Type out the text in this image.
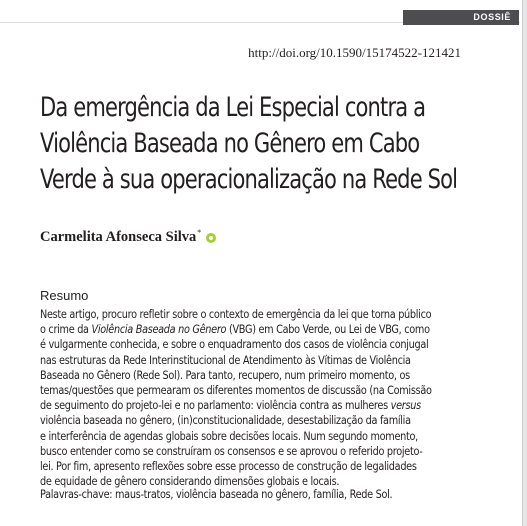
DOSSIÊ
http://doi.org/10.1590/15174522-121421
Da emergência da Lei Especial contra a
Violência Baseada no Gênero em Cabo
Verde à sua operacionalização na Rede Sol
Carmelita Afonseca Silva*
Resumo
Neste artigo, procuro refletir sobre o contexto de emergência da lei que torna público
o crime da Violência Baseada no Gênero (VBG) em Cabo Verde, ou Lei de VBG, como
é vulgarmente conhecida, e sobre o enquadramento dos casos de violência conjugal
nas estruturas da Rede Interinstitucional de Atendimento às Vítimas de Violência
Baseada no Gênero (Rede Sol). Para tanto, recupero, num primeiro momento, os
temas/questões que permearam os diferentes momentos de discussão (na Comissão
de seguimento do projeto-lei e no parlamento: violência contra as mulheres versus
violência baseada no gênero, (in)constitucionalidade, desestabilização da família
e interferência de agendas globais sobre decisões locais. Num segundo momento,
busco entender como se construíram os consensos e se aprovou o referido projeto-
lei. Por fim, apresento reflexões sobre esse processo de construção de legalidades
de equidade de gênero considerando dimensões globais e locais.
Palavras-chave: maus-tratos, violência baseada no gênero, família, Rede Sol.
